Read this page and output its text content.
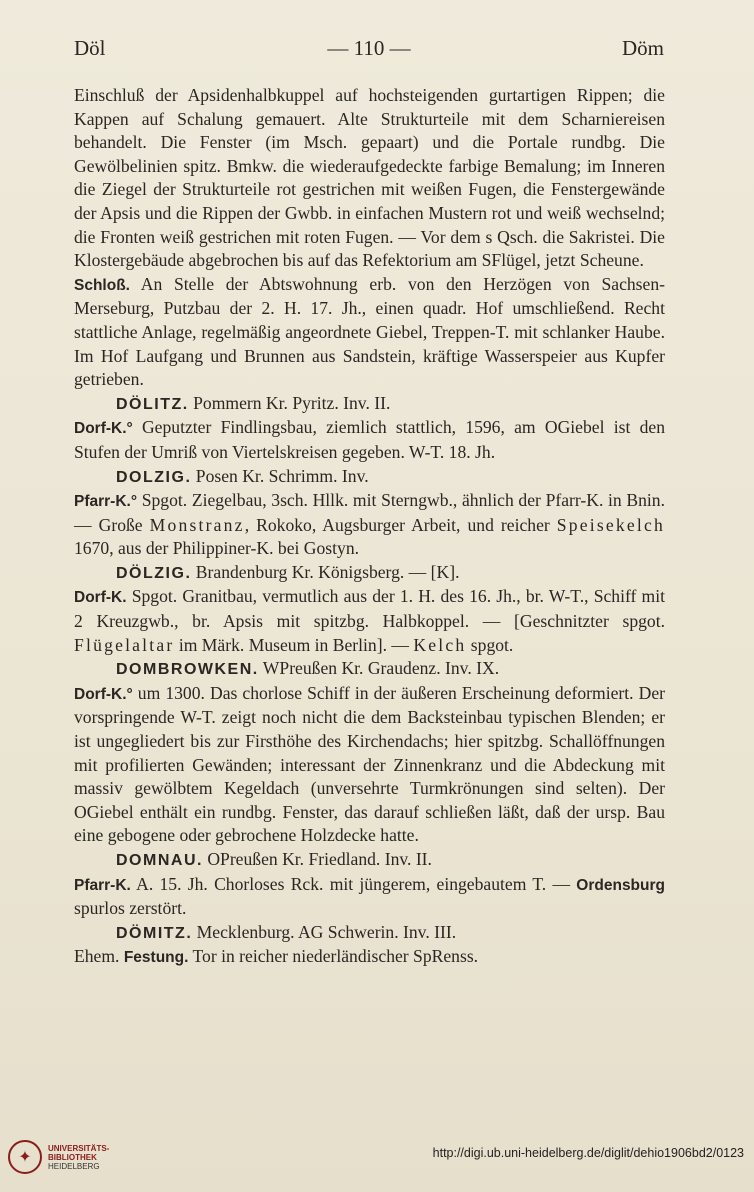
Döl	— 110 —	Döm

Einschluß der Apsidenhalbkuppel auf hochsteigenden gurtartigen Rippen; die Kappen auf Schalung gemauert. Alte Strukturteile mit dem Scharniereisen behandelt. Die Fenster (im Msch. gepaart) und die Portale rundbg. Die Gewölbelinien spitz. Bmkw. die wiederaufgedeckte farbige Bemalung; im Inneren die Ziegel der Strukturteile rot gestrichen mit weißen Fugen, die Fenstergewände der Apsis und die Rippen der Gwbb. in einfachen Mustern rot und weiß wechselnd; die Fronten weiß gestrichen mit roten Fugen. — Vor dem s Qsch. die Sakristei. Die Klostergebäude abgebrochen bis auf das Refektorium am SFlügel, jetzt Scheune.

Schloß. An Stelle der Abtswohnung erb. von den Herzögen von Sachsen-Merseburg, Putzbau der 2. H. 17. Jh., einen quadr. Hof umschließend. Recht stattliche Anlage, regelmäßig angeordnete Giebel, Treppen-T. mit schlanker Haube. Im Hof Laufgang und Brunnen aus Sandstein, kräftige Wasserspeier aus Kupfer getrieben.

DÖLITZ. Pommern Kr. Pyritz. Inv. II.

Dorf-K.° Geputzter Findlingsbau, ziemlich stattlich, 1596, am OGiebel ist den Stufen der Umriß von Viertelskreisen gegeben. W-T. 18. Jh.

DOLZIG. Posen Kr. Schrimm. Inv.

Pfarr-K.° Spgot. Ziegelbau, 3sch. Hllk. mit Sterngwb., ähnlich der Pfarr-K. in Bnin. — Große Monstranz, Rokoko, Augsburger Arbeit, und reicher Speisekelch 1670, aus der Philippiner-K. bei Gostyn.

DÖLZIG. Brandenburg Kr. Königsberg. — [K].

Dorf-K. Spgot. Granitbau, vermutlich aus der 1. H. des 16. Jh., br. W-T., Schiff mit 2 Kreuzgwb., br. Apsis mit spitzbg. Halbkoppel. — [Geschnitzter spgot. Flügelaltar im Märk. Museum in Berlin]. — Kelch spgot.

DOMBROWKEN. WPreußen Kr. Graudenz. Inv. IX.

Dorf-K.° um 1300. Das chorlose Schiff in der äußeren Erscheinung deformiert. Der vorspringende W-T. zeigt noch nicht die dem Backsteinbau typischen Blenden; er ist ungegliedert bis zur Firsthöhe des Kirchendachs; hier spitzbg. Schallöffnungen mit profilierten Gewänden; interessant der Zinnenkranz und die Abdeckung mit massiv gewölbtem Kegeldach (unversehrte Turmkrönungen sind selten). Der OGiebel enthält ein rundbg. Fenster, das darauf schließen läßt, daß der ursp. Bau eine gebogene oder gebrochene Holzdecke hatte.

DOMNAU. OPreußen Kr. Friedland. Inv. II.

Pfarr-K. A. 15. Jh. Chorloses Rck. mit jüngerem, eingebautem T. — Ordensburg spurlos zerstört.

DÖMITZ. Mecklenburg. AG Schwerin. Inv. III.

Ehem. Festung. Tor in reicher niederländischer SpRenss.

✦	UNIVERSITÄTS-
BIBLIOTHEK
HEIDELBERG
http://digi.ub.uni-heidelberg.de/diglit/dehio1906bd2/0123
